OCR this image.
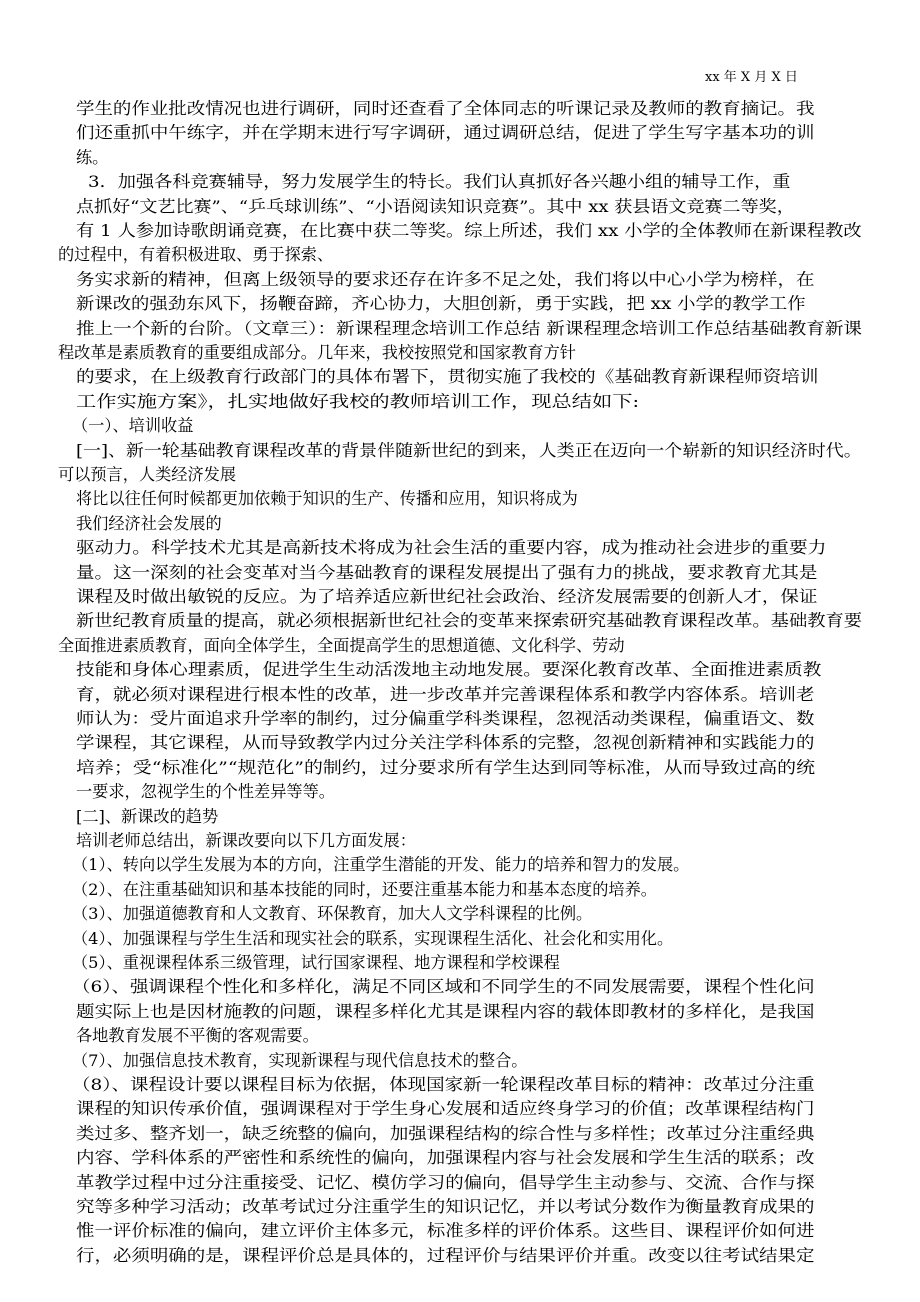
xx 年 X 月 X 日
学生的作业批改情况也进行调研，同时还查看了全体同志的听课记录及教师的教育摘记。我
们还重抓中午练字，并在学期末进行写字调研，通过调研总结，促进了学生写字基本功的训
练。
3．加强各科竞赛辅导，努力发展学生的特长。我们认真抓好各兴趣小组的辅导工作，重
点抓好“文艺比赛”、“乒乓球训练”、“小语阅读知识竞赛”。其中 xx 获县语文竞赛二等奖，
有 1 人参加诗歌朗诵竞赛，在比赛中获二等奖。综上所述，我们 xx 小学的全体教师在新课程教改
的过程中，有着积极进取、勇于探索、
务实求新的精神，但离上级领导的要求还存在许多不足之处，我们将以中心小学为榜样，在
新课改的强劲东风下，扬鞭奋蹄，齐心协力，大胆创新，勇于实践，把 xx 小学的教学工作
推上一个新的台阶。（文章三）：新课程理念培训工作总结 新课程理念培训工作总结基础教育新课
程改革是素质教育的重要组成部分。几年来，我校按照党和国家教育方针
的要求，在上级教育行政部门的具体布署下，贯彻实施了我校的《基础教育新课程师资培训
工作实施方案》，扎实地做好我校的教师培训工作，现总结如下:
（一）、培训收益
[一]、新一轮基础教育课程改革的背景伴随新世纪的到来，人类正在迈向一个崭新的知识经济时代。
可以预言，人类经济发展
将比以往任何时候都更加依赖于知识的生产、传播和应用，知识将成为
我们经济社会发展的
驱动力。科学技术尤其是高新技术将成为社会生活的重要内容，成为推动社会进步的重要力
量。这一深刻的社会变革对当今基础教育的课程发展提出了强有力的挑战，要求教育尤其是
课程及时做出敏锐的反应。为了培养适应新世纪社会政治、经济发展需要的创新人才，保证
新世纪教育质量的提高，就必须根据新世纪社会的变革来探索研究基础教育课程改革。基础教育要
全面推进素质教育，面向全体学生，全面提高学生的思想道德、文化科学、劳动
技能和身体心理素质，促进学生生动活泼地主动地发展。要深化教育改革、全面推进素质教
育，就必须对课程进行根本性的改革，进一步改革并完善课程体系和教学内容体系。培训老
师认为：受片面追求升学率的制约，过分偏重学科类课程，忽视活动类课程，偏重语文、数
学课程，其它课程，从而导致教学内过分关注学科体系的完整，忽视创新精神和实践能力的
培养；受“标准化”“规范化”的制约，过分要求所有学生达到同等标准，从而导致过高的统
一要求，忽视学生的个性差异等等。
[二]、新课改的趋势
培训老师总结出，新课改要向以下几方面发展：
（1）、转向以学生发展为本的方向，注重学生潜能的开发、能力的培养和智力的发展。
（2）、在注重基础知识和基本技能的同时，还要注重基本能力和基本态度的培养。
（3）、加强道德教育和人文教育、环保教育，加大人文学科课程的比例。
（4）、加强课程与学生生活和现实社会的联系，实现课程生活化、社会化和实用化。
（5）、重视课程体系三级管理，试行国家课程、地方课程和学校课程
（6）、强调课程个性化和多样化，满足不同区域和不同学生的不同发展需要，课程个性化问
题实际上也是因材施教的问题，课程多样化尤其是课程内容的载体即教材的多样化，是我国
各地教育发展不平衡的客观需要。
（7）、加强信息技术教育，实现新课程与现代信息技术的整合。
（8）、课程设计要以课程目标为依据，体现国家新一轮课程改革目标的精神：改革过分注重
课程的知识传承价值，强调课程对于学生身心发展和适应终身学习的价值；改革课程结构门
类过多、整齐划一，缺乏统整的偏向，加强课程结构的综合性与多样性；改革过分注重经典
内容、学科体系的严密性和系统性的偏向，加强课程内容与社会发展和学生生活的联系；改
革教学过程中过分注重接受、记忆、模仿学习的偏向，倡导学生主动参与、交流、合作与探
究等多种学习活动；改革考试过分注重学生的知识记忆，并以考试分数作为衡量教育成果的
惟一评价标准的偏向，建立评价主体多元，标准多样的评价体系。这些目、课程评价如何进
行，必须明确的是，课程评价总是具体的，过程评价与结果评价并重。改变以往考试结果定
